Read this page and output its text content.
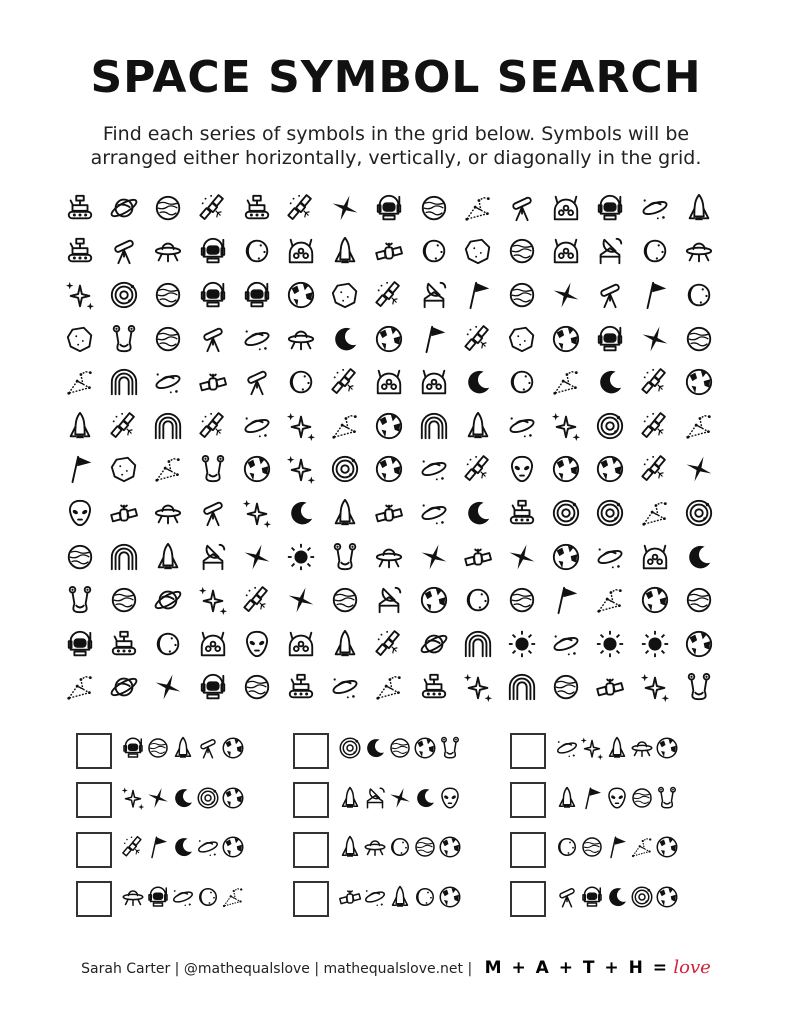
SPACE SYMBOL SEARCH
Find each series of symbols in the grid below. Symbols will be
arranged either horizontally, vertically, or diagonally in the grid.
Sarah Carter | @mathequalslove | mathequalslove.net | M + A + T + H = love
